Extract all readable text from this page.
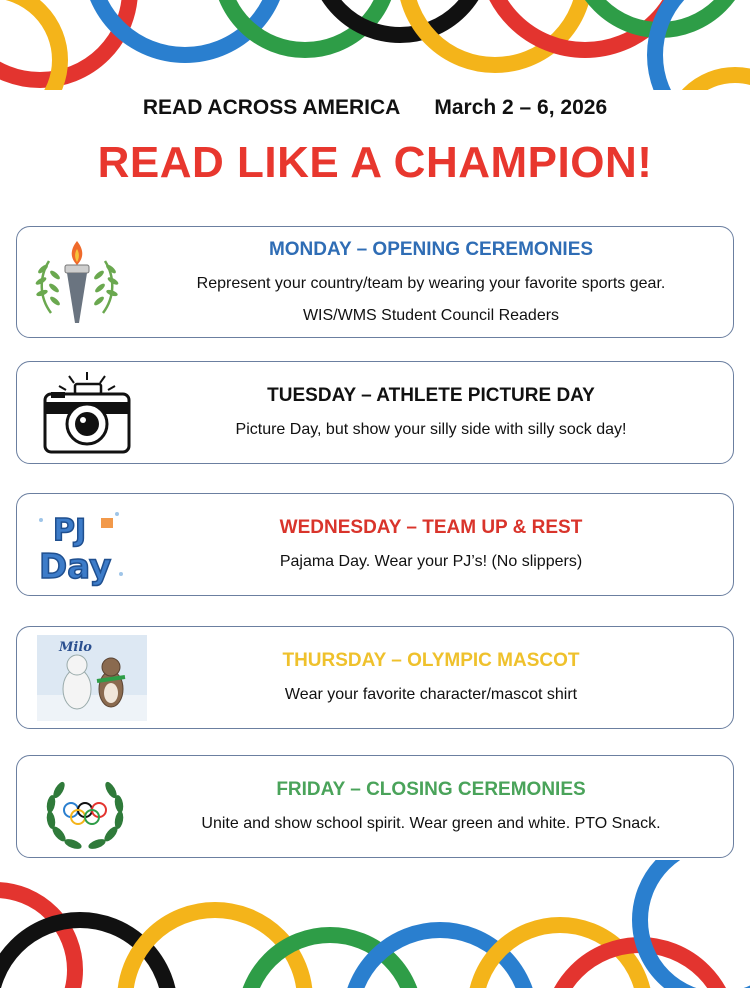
READ ACROSS AMERICA March 2 – 6, 2026
READ LIKE A CHAMPION!
MONDAY – OPENING CEREMONIES
Represent your country/team by wearing your favorite sports gear.
WIS/WMS Student Council Readers
TUESDAY – ATHLETE PICTURE DAY
Picture Day, but show your silly side with silly sock day!
PJ
Day
WEDNESDAY – TEAM UP & REST
Pajama Day. Wear your PJ’s! (No slippers)
Milo
THURSDAY – OLYMPIC MASCOT
Wear your favorite character/mascot shirt
FRIDAY – CLOSING CEREMONIES
Unite and show school spirit. Wear green and white. PTO Snack.
